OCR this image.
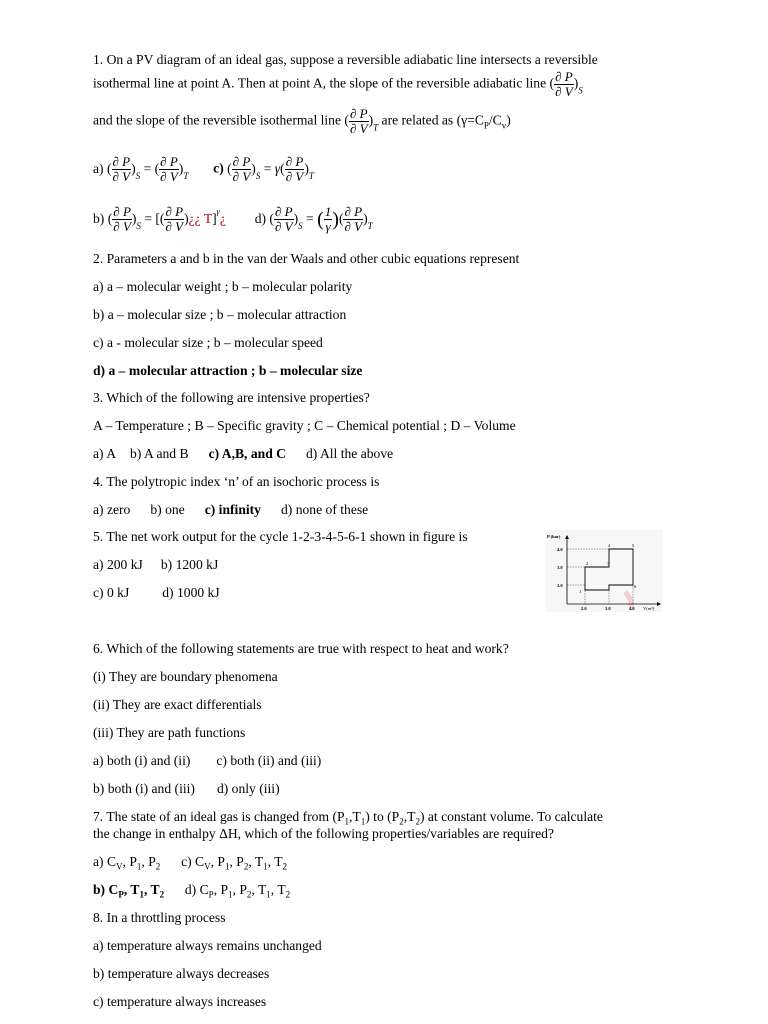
1. On a PV diagram of an ideal gas, suppose a reversible adiabatic line intersects a reversible
isothermal line at point A. Then at point A, the slope of the reversible adiabatic line ( $\frac{\partial P}{\partial V} )_S$
and the slope of the reversible isothermal line ( $\frac{\partial P}{\partial V} )_T$ are related as $(\gamma=C_P/C_v)$
a) ( $\frac{\partial P}{\partial V} )_S$ = ( $\frac{\partial P}{\partial V} )_T$ c) ( $\frac{\partial P}{\partial V} )_S = \gamma( \frac{\partial P}{\partial V} )_T$
b) ( $\frac{\partial P}{\partial V} )_S$ = [( $\frac{\partial P}{\partial V}$ )¿¿ T]$^\gamma$¿ d) ( $\frac{\partial P}{\partial V} )_S$ = ( $\frac{1}{\gamma}$ )( $\frac{\partial P}{\partial V} )_T$
2. Parameters a and b in the van der Waals and other cubic equations represent
a) a – molecular weight ; b – molecular polarity
b) a – molecular size ; b – molecular attraction
c) a - molecular size ; b – molecular speed
d) a – molecular attraction ; b – molecular size
3. Which of the following are intensive properties?
A – Temperature ; B – Specific gravity ; C – Chemical potential ; D – Volume
a) A b) A and B c) A,B, and C d) All the above
4. The polytropic index ‘n’ of an isochoric process is
a) zero b) one c) infinity d) none of these
5. The net work output for the cycle 1-2-3-4-5-6-1 shown in figure is
a) 200 kJ b) 1200 kJ
c) 0 kJ d) 1000 kJ
P (bar)
V(m³)
4.0
3.0
2.0
2.0	3.0	4.0
1
2	3
4	5
6
6. Which of the following statements are true with respect to heat and work?
(i) They are boundary phenomena
(ii) They are exact differentials
(iii) They are path functions
a) both (i) and (ii) c) both (ii) and (iii)
b) both (i) and (iii) d) only (iii)
7. The state of an ideal gas is changed from $(P_1,T_1)$ to $(P_2,T_2)$ at constant volume. To calculate
the change in enthalpy ΔH, which of the following properties/variables are required?
a) $C_V$, $P_1$, $P_2$ c) $C_V$, $P_1$, $P_2$, $T_1$, $T_2$
b) $C_P$, $T_1$, $T_2$ d) $C_P$, $P_1$, $P_2$, $T_1$, $T_2$
8. In a throttling process
a) temperature always remains unchanged
b) temperature always decreases
c) temperature always increases
